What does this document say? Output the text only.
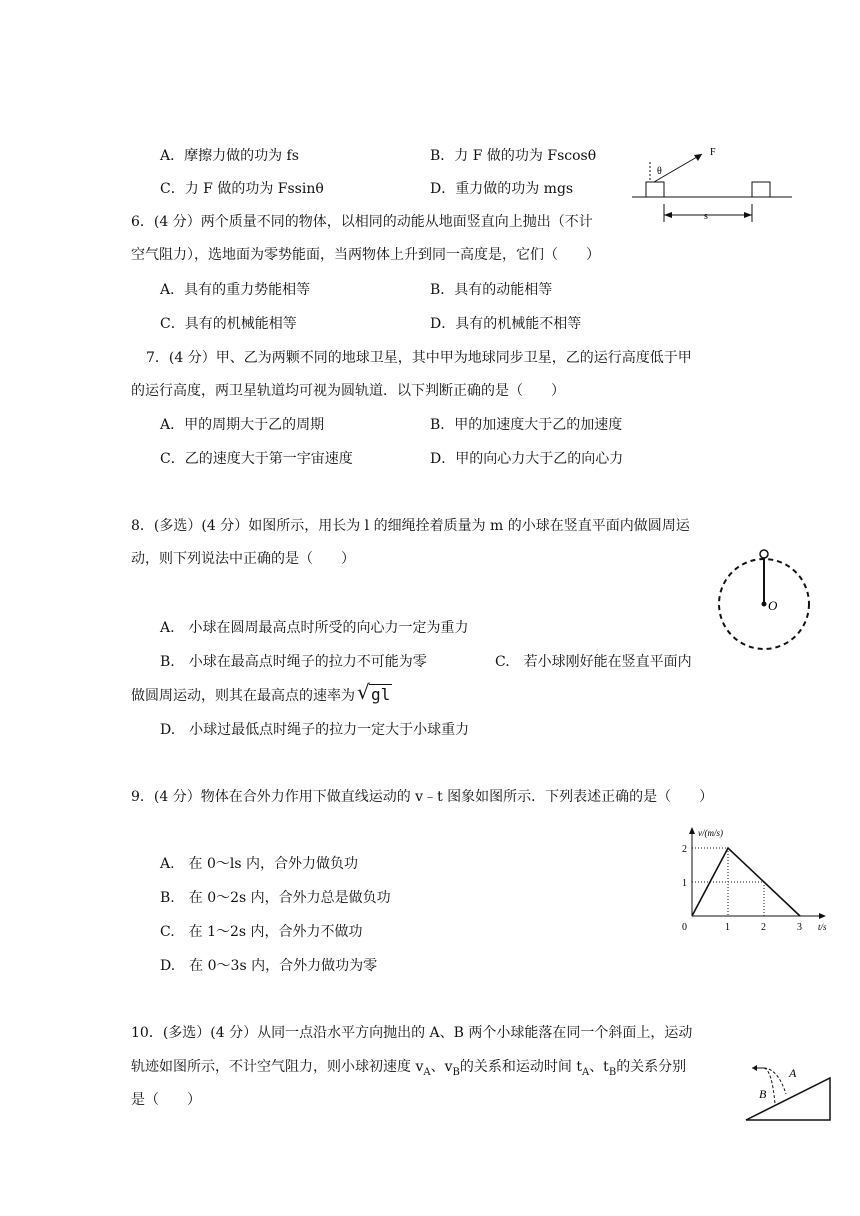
A．摩擦力做的功为 fs	B．力 F 做的功为 Fscosθ
C．力 F 做的功为 Fssinθ	D．重力做的功为 mgs
F
θ
s
6．(4 分）两个质量不同的物体，以相同的动能从地面竖直向上抛出（不计
空气阻力），选地面为零势能面，当两物体上升到同一高度是，它们（　　）
A．具有的重力势能相等	B．具有的动能相等
C．具有的机械能相等	D．具有的机械能不相等
7．(4 分）甲、乙为两颗不同的地球卫星，其中甲为地球同步卫星，乙的运行高度低于甲
的运行高度，两卫星轨道均可视为圆轨道．以下判断正确的是（　　）
A．甲的周期大于乙的周期	B．甲的加速度大于乙的加速度
C．乙的速度大于第一宇宙速度	D．甲的向心力大于乙的向心力
8．(多选）(4 分）如图所示，用长为 l 的细绳拴着质量为 m 的小球在竖直平面内做圆周运
动，则下列说法中正确的是（　　）
O
A.　小球在圆周最高点时所受的向心力一定为重力
B.　小球在最高点时绳子的拉力不可能为零	C.　若小球刚好能在竖直平面内
做圆周运动，则其在最高点的速率为 √ gl
D.　小球过最低点时绳子的拉力一定大于小球重力
9．(4 分）物体在合外力作用下做直线运动的 v﹣t 图象如图所示．下列表述正确的是（　　）
A.　在 0～ls 内，合外力做负功
B.　在 0～2s 内，合外力总是做负功
C.　在 1～2s 内，合外力不做功
D.　在 0～3s 内，合外力做功为零
v/(m/s)
t/s
0	1	2	3
1
2
10．(多选）(4 分）从同一点沿水平方向抛出的 A、B 两个小球能落在同一个斜面上，运动
轨迹如图所示，不计空气阻力，则小球初速度 $v_A$、$v_B$的关系和运动时间 $t_A$、$t_B$的关系分别
是（　　）
A
B
